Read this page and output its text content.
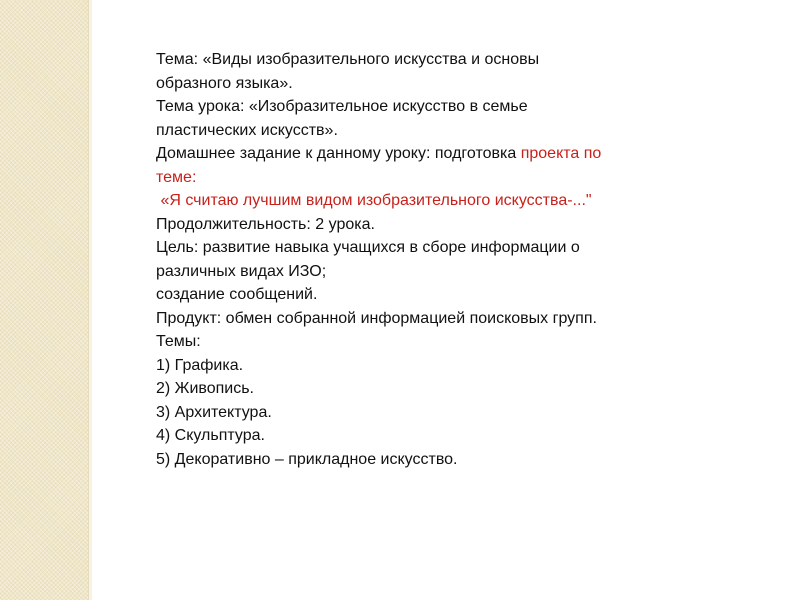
Тема: «Виды изобразительного искусства и основы
образного языка».
Тема урока: «Изобразительное искусство в семье
пластических искусств».
Домашнее задание к данному уроку: подготовка проекта по
теме:
«Я считаю лучшим видом изобразительного искусства-..."
Продолжительность: 2 урока.
Цель: развитие навыка учащихся в сборе информации о
различных видах ИЗО;
создание сообщений.
Продукт: обмен собранной информацией поисковых групп.
Темы:
1) Графика.
2) Живопись.
3) Архитектура.
4) Скульптура.
5) Декоративно – прикладное искусство.
